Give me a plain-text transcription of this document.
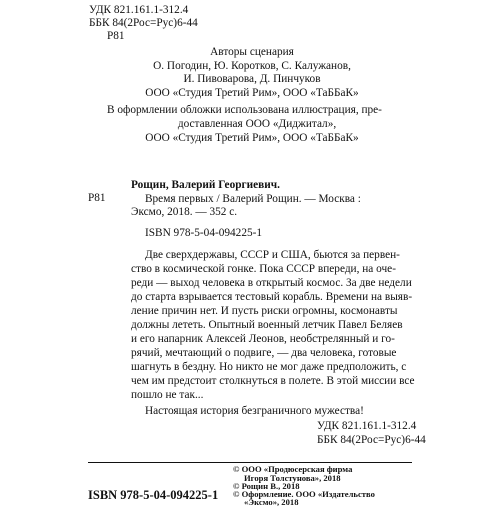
УДК 821.161.1-312.4
ББК 84(2Рос=Рус)6-44
Р81
Авторы сценария
О. Погодин, Ю. Коротков, С. Калужанов,
И. Пивоварова, Д. Пинчуков
ООО «Студия Третий Рим», ООО «ТаББаК»
В оформлении обложки использована иллюстрация, пре-
доставленная ООО «Диджитал»,
ООО «Студия Третий Рим», ООО «ТаББаК»
Р81
Рощин, Валерий Георгиевич.
Время первых / Валерий Рощин. — Москва :
Эксмо, 2018. — 352 с.
ISBN 978-5-04-094225-1
Две сверхдержавы, СССР и США, бьются за первен-
ство в космической гонке. Пока СССР впереди, на оче-
реди — выход человека в открытый космос. За две недели
до старта взрывается тестовый корабль. Времени на выяв-
ление причин нет. И пусть риски огромны, космонавты
должны лететь. Опытный военный летчик Павел Беляев
и его напарник Алексей Леонов, необстрелянный и го-
рячий, мечтающий о подвиге, — два человека, готовые
шагнуть в бездну. Но никто не мог даже предположить, с
чем им предстоит столкнуться в полете. В этой миссии все
пошло не так...
Настоящая история безграничного мужества!
УДК 821.161.1-312.4
ББК 84(2Рос=Рус)6-44
© ООО «Продюсерская фирма
Игоря Толстунова», 2018
© Рощин В., 2018
© Оформление. ООО «Издательство
«Эксмо», 2018
ISBN 978-5-04-094225-1
